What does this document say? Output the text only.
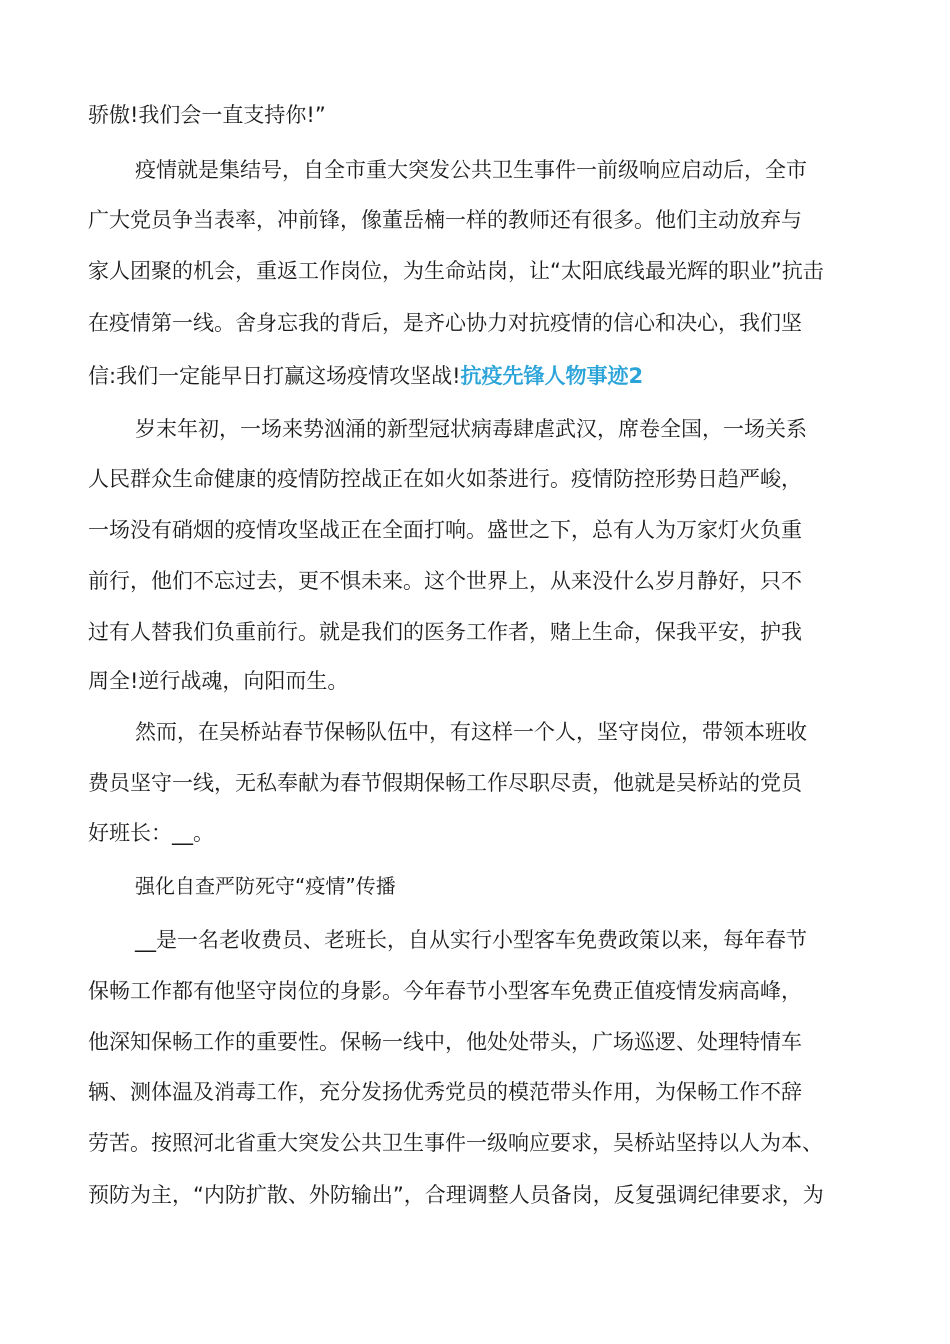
骄傲!我们会一直支持你!”
疫情就是集结号，自全市重大突发公共卫生事件一前级响应启动后，全市
广大党员争当表率，冲前锋，像董岳楠一样的教师还有很多。他们主动放弃与
家人团聚的机会，重返工作岗位，为生命站岗，让“太阳底线最光辉的职业”抗击
在疫情第一线。舍身忘我的背后，是齐心协力对抗疫情的信心和决心，我们坚
信:我们一定能早日打赢这场疫情攻坚战!抗疫先锋人物事迹2
岁末年初，一场来势汹涌的新型冠状病毒肆虐武汉，席卷全国，一场关系
人民群众生命健康的疫情防控战正在如火如荼进行。疫情防控形势日趋严峻，
一场没有硝烟的疫情攻坚战正在全面打响。盛世之下，总有人为万家灯火负重
前行，他们不忘过去，更不惧未来。这个世界上，从来没什么岁月静好，只不
过有人替我们负重前行。就是我们的医务工作者，赌上生命，保我平安，护我
周全!逆行战魂，向阳而生。
然而，在吴桥站春节保畅队伍中，有这样一个人，坚守岗位，带领本班收
费员坚守一线，无私奉献为春节假期保畅工作尽职尽责，他就是吴桥站的党员
好班长：__。
强化自查严防死守“疫情”传播
__是一名老收费员、老班长，自从实行小型客车免费政策以来，每年春节
保畅工作都有他坚守岗位的身影。今年春节小型客车免费正值疫情发病高峰，
他深知保畅工作的重要性。保畅一线中，他处处带头，广场巡逻、处理特情车
辆、测体温及消毒工作，充分发扬优秀党员的模范带头作用，为保畅工作不辞
劳苦。按照河北省重大突发公共卫生事件一级响应要求，吴桥站坚持以人为本、
预防为主，“内防扩散、外防输出”，合理调整人员备岗，反复强调纪律要求，为
